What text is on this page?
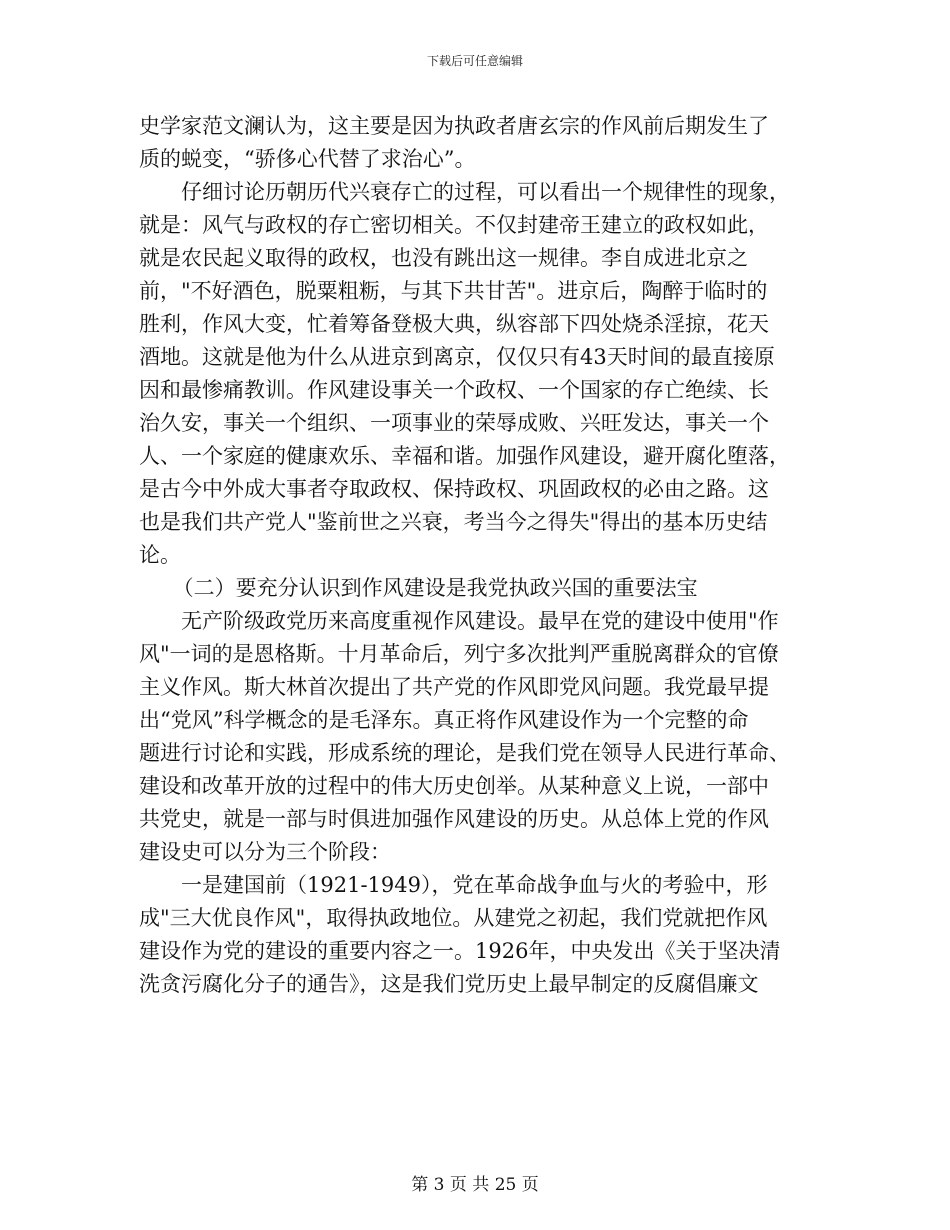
下载后可任意编辑
史学家范文澜认为，这主要是因为执政者唐玄宗的作风前后期发生了
质的蜕变，“骄侈心代替了求治心”。
仔细讨论历朝历代兴衰存亡的过程，可以看出一个规律性的现象，
就是：风气与政权的存亡密切相关。不仅封建帝王建立的政权如此，
就是农民起义取得的政权，也没有跳出这一规律。李自成进北京之
前，"不好酒色，脱粟粗粝，与其下共甘苦"。进京后，陶醉于临时的
胜利，作风大变，忙着筹备登极大典，纵容部下四处烧杀淫掠，花天
酒地。这就是他为什么从进京到离京，仅仅只有43天时间的最直接原
因和最惨痛教训。作风建设事关一个政权、一个国家的存亡绝续、长
治久安，事关一个组织、一项事业的荣辱成败、兴旺发达，事关一个
人、一个家庭的健康欢乐、幸福和谐。加强作风建设，避开腐化堕落，
是古今中外成大事者夺取政权、保持政权、巩固政权的必由之路。这
也是我们共产党人"鉴前世之兴衰，考当今之得失"得出的基本历史结
论。
（二）要充分认识到作风建设是我党执政兴国的重要法宝
无产阶级政党历来高度重视作风建设。最早在党的建设中使用"作
风"一词的是恩格斯。十月革命后，列宁多次批判严重脱离群众的官僚
主义作风。斯大林首次提出了共产党的作风即党风问题。我党最早提
出“党风”科学概念的是毛泽东。真正将作风建设作为一个完整的命
题进行讨论和实践，形成系统的理论，是我们党在领导人民进行革命、
建设和改革开放的过程中的伟大历史创举。从某种意义上说，一部中
共党史，就是一部与时俱进加强作风建设的历史。从总体上党的作风
建设史可以分为三个阶段：
一是建国前（1921-1949），党在革命战争血与火的考验中，形
成"三大优良作风"，取得执政地位。从建党之初起，我们党就把作风
建设作为党的建设的重要内容之一。1926年，中央发出《关于坚决清
洗贪污腐化分子的通告》，这是我们党历史上最早制定的反腐倡廉文
第 3 页 共 25 页
